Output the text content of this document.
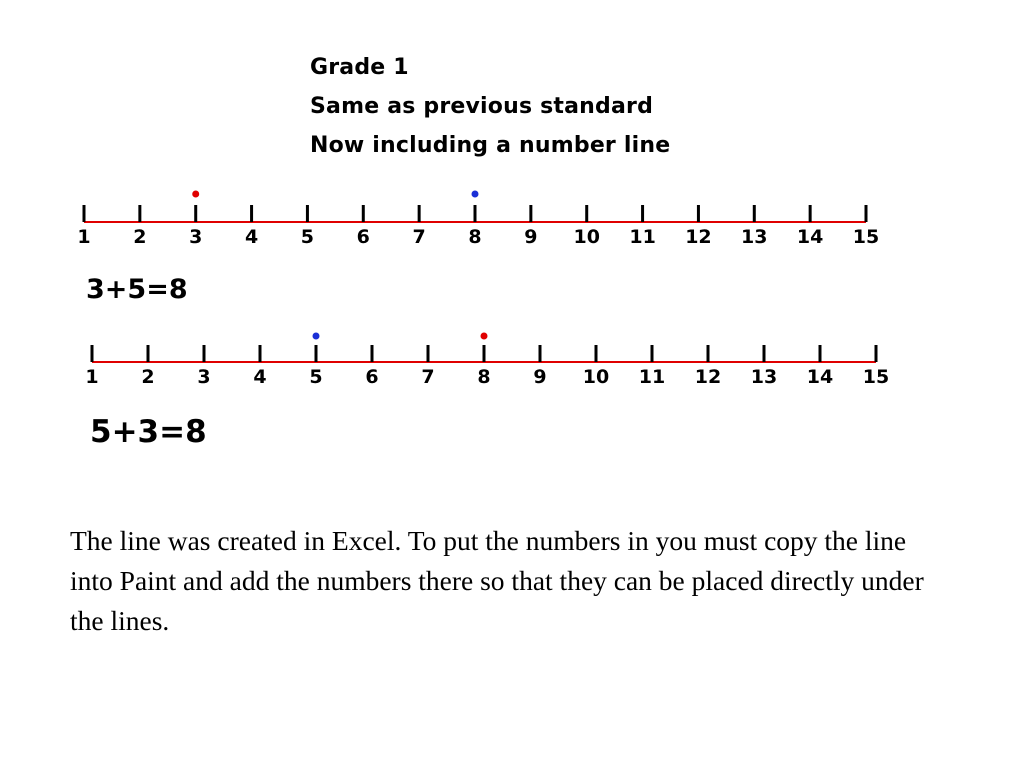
Grade 1
Same as previous standard
Now including a number line
1 2 3 4 5 6 7 8 9 10 11 12 13 14 15
3+5=8
1 2 3 4 5 6 7 8 9 10 11 12 13 14 15
5+3=8
The line was created in Excel. To put the numbers in you must copy the line into Paint and add the numbers there so that they can be placed directly under the lines.
